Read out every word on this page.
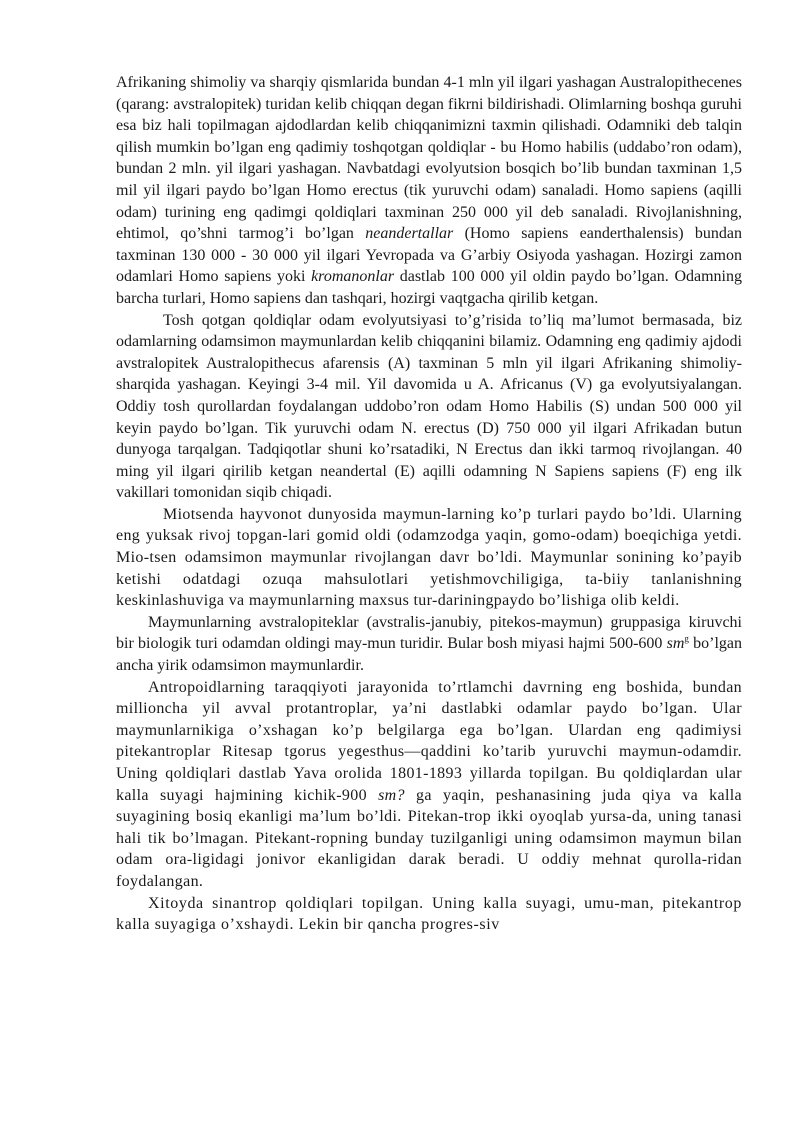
Afrikaning shimoliy va sharqiy qismlarida bundan 4-1 mln yil ilgari yashagan Australopithecenes (qarang: avstralopitek) turidan kelib chiqqan degan fikrni bildirishadi. Olimlarning boshqa guruhi esa biz hali topilmagan ajdodlardan kelib chiqqanimizni taxmin qilishadi. Odamniki deb talqin qilish mumkin bo’lgan eng qadimiy toshqotgan qoldiqlar - bu Homo habilis (uddabo’ron odam), bundan 2 mln. yil ilgari yashagan. Navbatdagi evolyutsion bosqich bo’lib bundan taxminan 1,5 mil yil ilgari paydo bo’lgan Homo erectus (tik yuruvchi odam) sanaladi. Homo sapiens (aqilli odam) turining eng qadimgi qoldiqlari taxminan 250 000 yil deb sanaladi. Rivojlanishning, ehtimol, qo’shni tarmog’i bo’lgan neandertallar (Homo sapiens eanderthalensis) bundan taxminan 130 000 - 30 000 yil ilgari Yevropada va G’arbiy Osiyoda yashagan. Hozirgi zamon odamlari Homo sapiens yoki kromanonlar dastlab 100 000 yil oldin paydo bo’lgan. Odamning barcha turlari, Homo sapiens dan tashqari, hozirgi vaqtgacha qirilib ketgan.

Tosh qotgan qoldiqlar odam evolyutsiyasi to’g’risida to’liq ma’lumot bermasada, biz odamlarning odamsimon maymunlardan kelib chiqqanini bilamiz. Odamning eng qadimiy ajdodi avstralopitek Australopithecus afarensis (A) taxminan 5 mln yil ilgari Afrikaning shimoliy-sharqida yashagan. Keyingi 3-4 mil. Yil davomida u A. Africanus (V) ga evolyutsiyalangan. Oddiy tosh qurollardan foydalangan uddobo’ron odam Homo Habilis (S) undan 500 000 yil keyin paydo bo’lgan. Tik yuruvchi odam N. erectus (D) 750 000 yil ilgari Afrikadan butun dunyoga tarqalgan. Tadqiqotlar shuni ko’rsatadiki, N Erectus dan ikki tarmoq rivojlangan. 40 ming yil ilgari qirilib ketgan neandertal (E) aqilli odamning N Sapiens sapiens (F) eng ilk vakillari tomonidan siqib chiqadi.

Miotsenda hayvonot dunyosida maymun-larning ko’p turlari paydo bo’ldi. Ularning eng yuksak rivoj topgan-lari gomid oldi (odamzodga yaqin, gomo-odam) boeqichiga yetdi. Mio-tsen odamsimon maymunlar rivojlangan davr bo’ldi. Maymunlar sonining ko’payib ketishi odatdagi ozuqa mahsulotlari yetishmovchiligiga, ta-biiy tanlanishning keskinlashuviga va maymunlarning maxsus tur-dariningpaydo bo’lishiga olib keldi.

Maymunlarning avstralopiteklar (avstralis-janubiy, pitekos-maymun) gruppasiga kiruvchi bir biologik turi odamdan oldingi may-mun turidir. Bular bosh miyasi hajmi 500-600 $sm^g$ bo’lgan ancha yirik odamsimon maymunlardir.

Antropoidlarning taraqqiyoti jarayonida to’rtlamchi davrning eng boshida, bundan millioncha yil avval protantroplar, ya’ni dastlabki odamlar paydo bo’lgan. Ular maymunlarnikiga o’xshagan ko’p belgilarga ega bo’lgan. Ulardan eng qadimiysi pitekantroplar Ritesap tgorus yegesthus—qaddini ko’tarib yuruvchi maymun-odamdir. Uning qoldiqlari dastlab Yava orolida 1801-1893 yillarda topilgan. Bu qoldiqlardan ular kalla suyagi hajmining kichik-900 sm? ga yaqin, peshanasining juda qiya va kalla suyagining bosiq ekanligi ma’lum bo’ldi. Pitekan-trop ikki oyoqlab yursa-da, uning tanasi hali tik bo’lmagan. Pitekant-ropning bunday tuzilganligi uning odamsimon maymun bilan odam ora-ligidagi jonivor ekanligidan darak beradi. U oddiy mehnat qurolla-ridan foydalangan.

Xitoyda sinantrop qoldiqlari topilgan. Uning kalla suyagi, umu-man, pitekantrop kalla suyagiga o’xshaydi. Lekin bir qancha progres-siv
